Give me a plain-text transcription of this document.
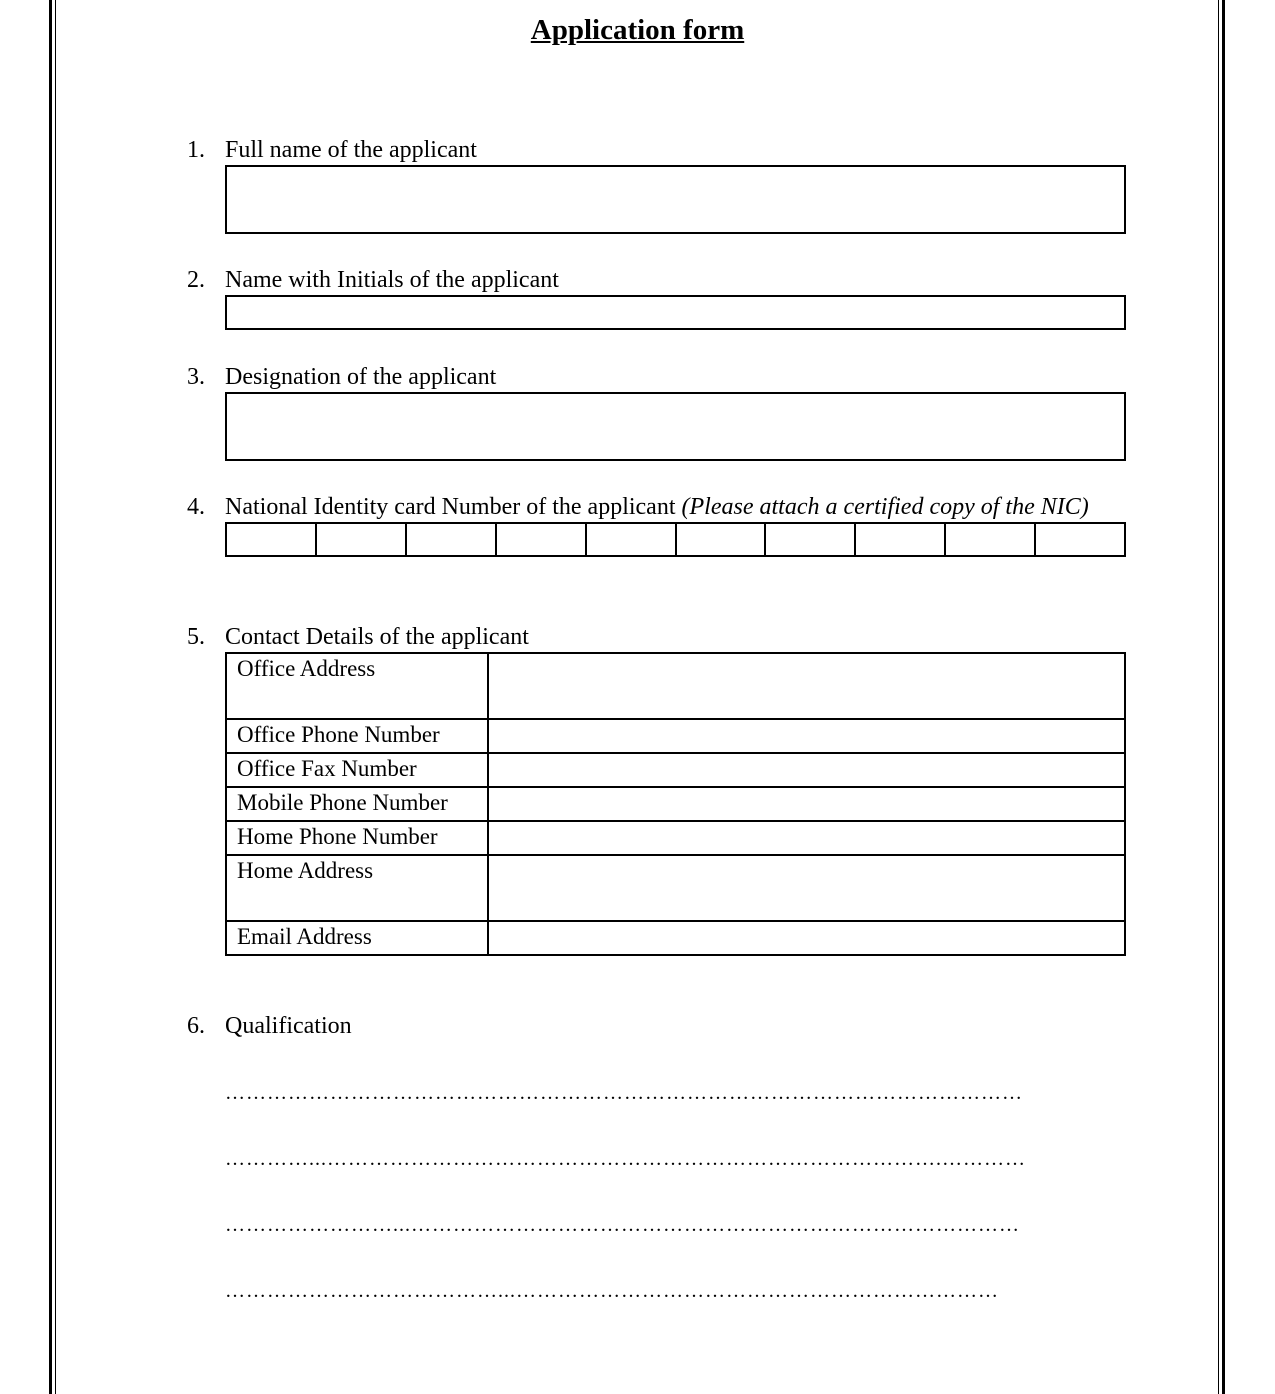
Application form
1. Full name of the applicant
2. Name with Initials of the applicant
3. Designation of the applicant
4. National Identity card Number of the applicant (Please attach a certified copy of the NIC)
5. Contact Details of the applicant
Office Address	
Office Phone Number	
Office Fax Number	
Mobile Phone Number	
Home Phone Number	
Home Address	
Email Address	
6. Qualification
……………………………………………………………………………………………………
…………...…………………………………………………………………………….…………
……………………...……………………………………………………………………………
…………………………………...……………………………………………………………
